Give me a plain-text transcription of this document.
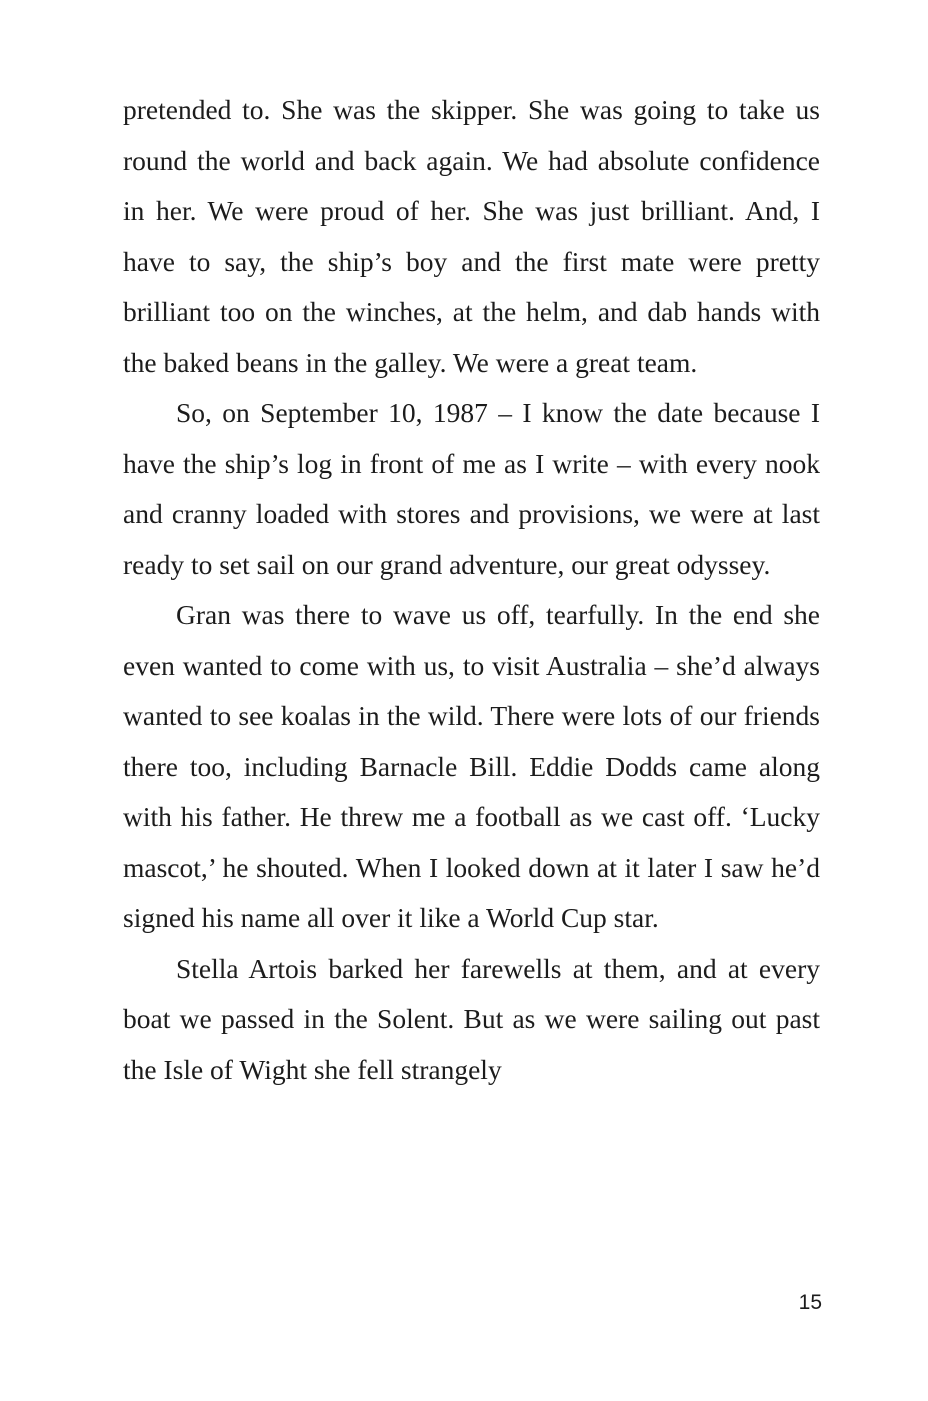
pretended to. She was the skipper. She was going to take us round the world and back again. We had absolute confidence in her. We were proud of her. She was just brilliant. And, I have to say, the ship’s boy and the first mate were pretty brilliant too on the winches, at the helm, and dab hands with the baked beans in the galley. We were a great team.

So, on September 10, 1987 – I know the date because I have the ship’s log in front of me as I write – with every nook and cranny loaded with stores and provisions, we were at last ready to set sail on our grand adventure, our great odyssey.

Gran was there to wave us off, tearfully. In the end she even wanted to come with us, to visit Australia – she’d always wanted to see koalas in the wild. There were lots of our friends there too, including Barnacle Bill. Eddie Dodds came along with his father. He threw me a football as we cast off. ‘Lucky mascot,’ he shouted. When I looked down at it later I saw he’d signed his name all over it like a World Cup star.

Stella Artois barked her farewells at them, and at every boat we passed in the Solent. But as we were sailing out past the Isle of Wight she fell strangely

15
